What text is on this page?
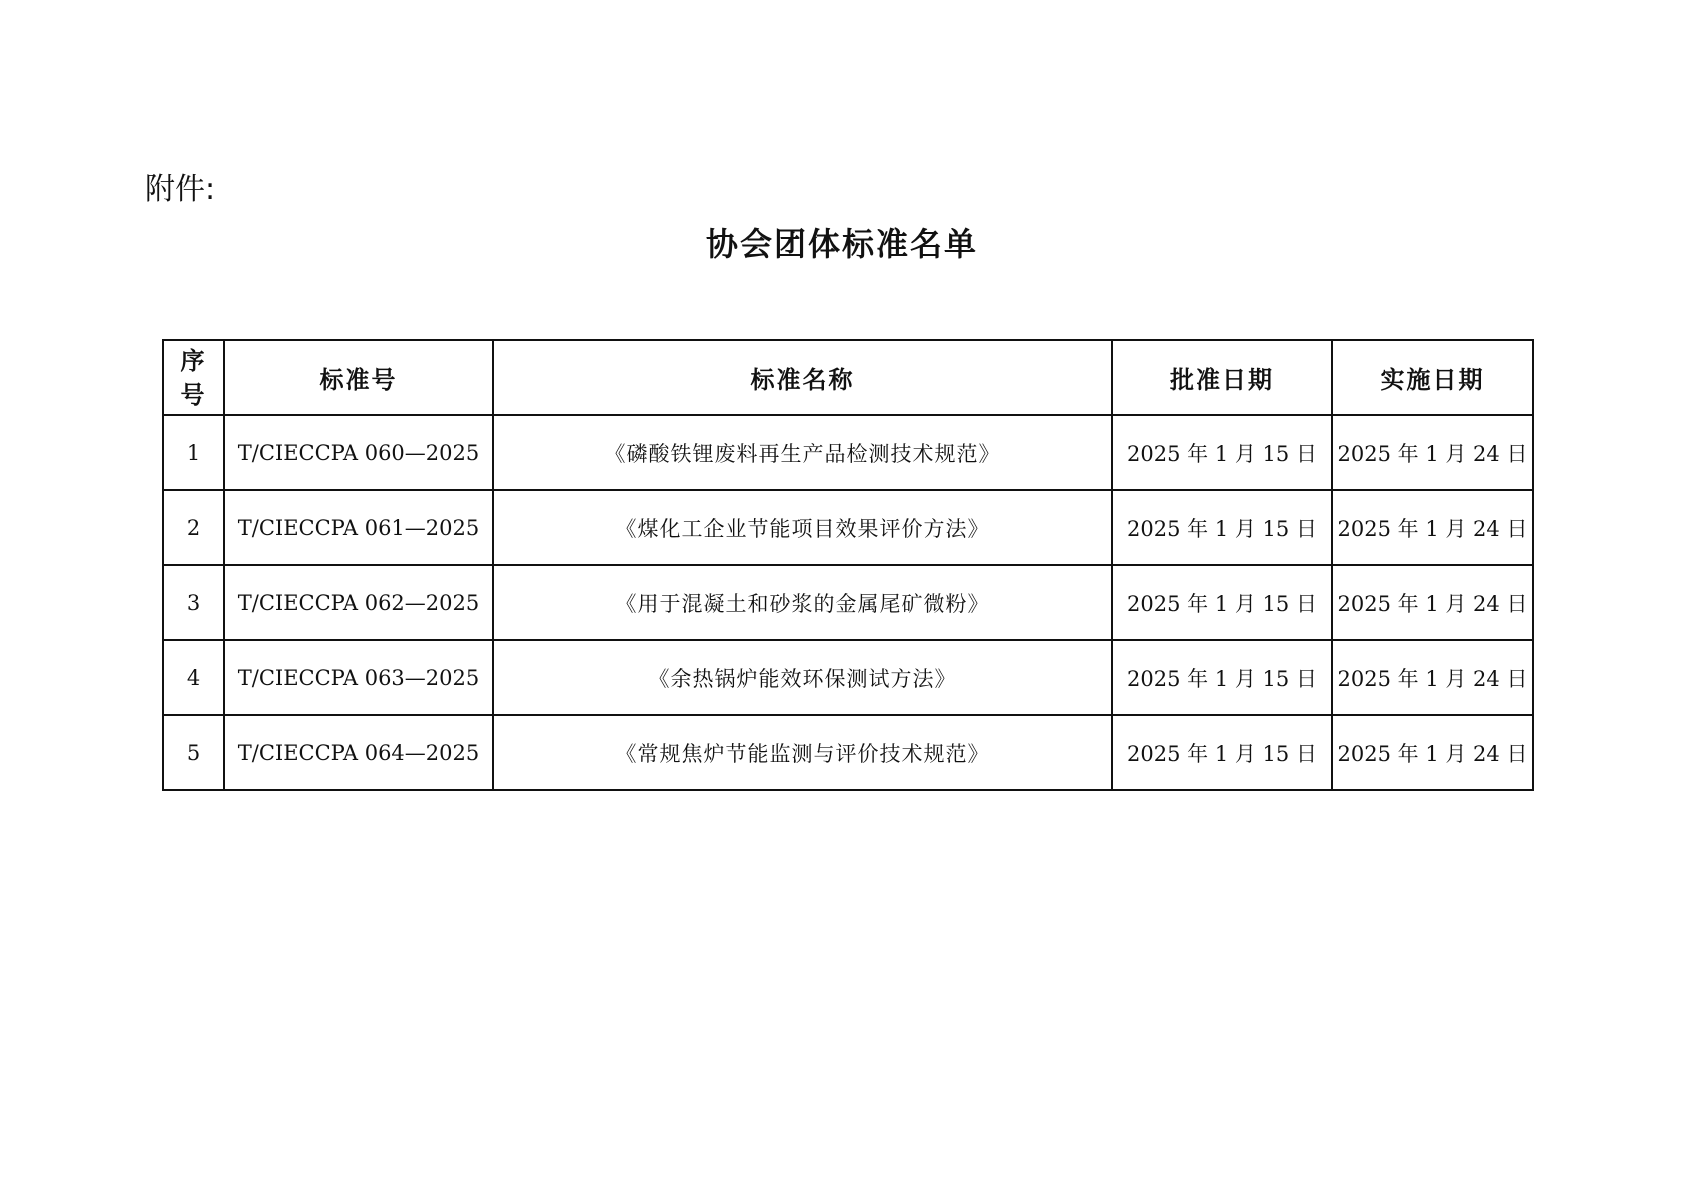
附件:
协会团体标准名单
序
号	标准号	标准名称	批准日期	实施日期
1	T/CIECCPA 060—2025	《磷酸铁锂废料再生产品检测技术规范》	2025 年 1 月 15 日	2025 年 1 月 24 日
2	T/CIECCPA 061—2025	《煤化工企业节能项目效果评价方法》	2025 年 1 月 15 日	2025 年 1 月 24 日
3	T/CIECCPA 062—2025	《用于混凝土和砂浆的金属尾矿微粉》	2025 年 1 月 15 日	2025 年 1 月 24 日
4	T/CIECCPA 063—2025	《余热锅炉能效环保测试方法》	2025 年 1 月 15 日	2025 年 1 月 24 日
5	T/CIECCPA 064—2025	《常规焦炉节能监测与评价技术规范》	2025 年 1 月 15 日	2025 年 1 月 24 日
